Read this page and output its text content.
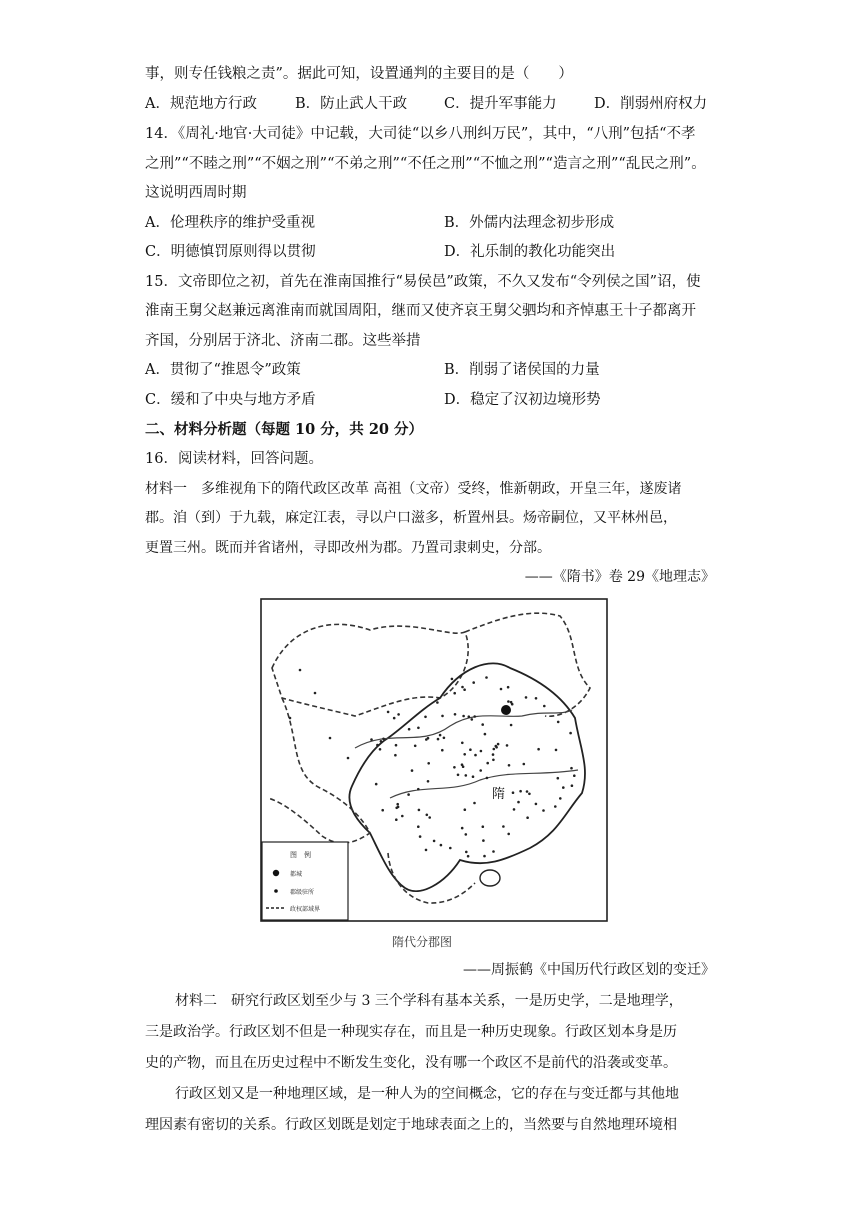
事，则专任钱粮之责”。据此可知，设置通判的主要目的是（　　）
A．规范地方行政	B．防止武人干政	C．提升军事能力	D．削弱州府权力
14．《周礼·地官·大司徒》中记载，大司徒“以乡八刑纠万民”，其中，“八刑”包括“不孝
之刑”“不睦之刑”“不姻之刑”“不弟之刑”“不任之刑”“不恤之刑”“造言之刑”“乱民之刑”。
这说明西周时期
A．伦理秩序的维护受重视	B．外儒内法理念初步形成
C．明德慎罚原则得以贯彻	D．礼乐制的教化功能突出
15．文帝即位之初，首先在淮南国推行“易侯邑”政策，不久又发布“令列侯之国”诏，使
淮南王舅父赵兼远离淮南而就国周阳，继而又使齐哀王舅父驷均和齐悼惠王十子都离开
齐国，分别居于济北、济南二郡。这些举措
A．贯彻了“推恩令”政策	B．削弱了诸侯国的力量
C．缓和了中央与地方矛盾	D．稳定了汉初边境形势
二、材料分析题（每题 10 分，共 20 分）
16．阅读材料，回答问题。
材料一　多维视角下的隋代政区改革 高祖（文帝）受终，惟新朝政，开皇三年，遂废诸
郡。洎（到）于九载，麻定江表，寻以户口滋多，析置州县。炀帝嗣位，又平林州邑，
更置三州。既而并省诸州，寻即改州为郡。乃置司隶刺史，分部。
——《隋书》卷 29《地理志》
隋
图　例
都城
郡级驻所
政权部域界
隋代分郡图
——周振鹤《中国历代行政区划的变迁》
材料二　研究行政区划至少与 3 三个学科有基本关系，一是历史学，二是地理学，
三是政治学。行政区划不但是一种现实存在，而且是一种历史现象。行政区划本身是历
史的产物，而且在历史过程中不断发生变化，没有哪一个政区不是前代的沿袭或变革。
行政区划又是一种地理区域，是一种人为的空间概念，它的存在与变迁都与其他地
理因素有密切的关系。行政区划既是划定于地球表面之上的，当然要与自然地理环境相
